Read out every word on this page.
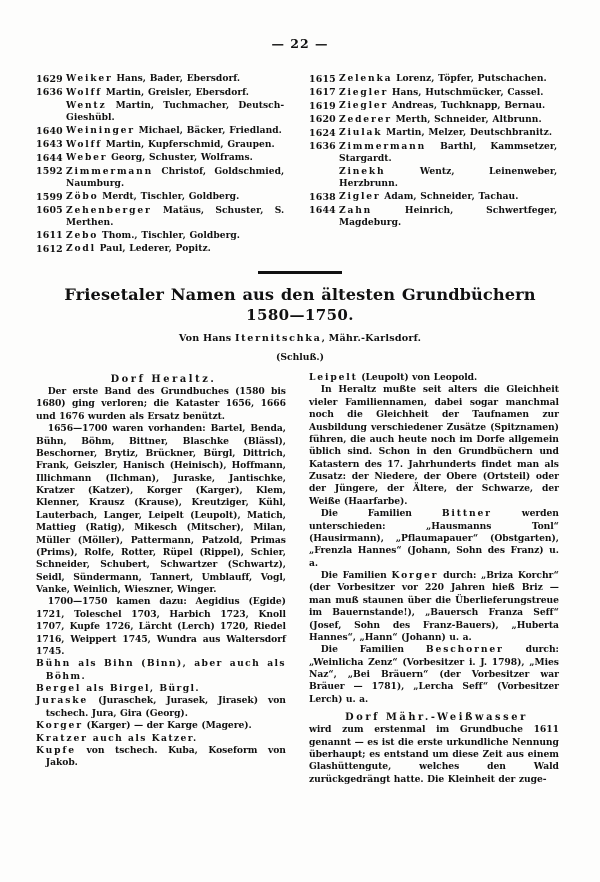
— 22 —
1629 Weiker Hans, Bader, Ebersdorf.
1636 Wolff Martin, Greisler, Ebersdorf.
Wentz Martin, Tuchmacher, Deutsch-Gieshübl.
1640 Weininger Michael, Bäcker, Friedland.
1643 Wolff Martin, Kupferschmid, Graupen.
1644 Weber Georg, Schuster, Wolframs.
1592 Zimmermann Christof, Goldschmied, Naumburg.
1599 Zöbo Merdt, Tischler, Goldberg.
1605 Zehenberger Matäus, Schuster, S. Merthen.
1611 Zebo Thom., Tischler, Goldberg.
1612 Zodl Paul, Lederer, Popitz.
1615 Zelenka Lorenz, Töpfer, Putschachen.
1617 Ziegler Hans, Hutschmücker, Cassel.
1619 Ziegler Andreas, Tuchknapp, Bernau.
1620 Zederer Merth, Schneider, Altbrunn.
1624 Ziulak Martin, Melzer, Deutschbranitz.
1636 Zimmermann Barthl, Kammsetzer, Stargardt.
Zinekh	Wentz, Leinenweber, Herzbrunn.
1638 Zigler Adam, Schneider, Tachau.
1644 Zahn	Heinrich, Schwertfeger, Magdeburg.
Friesetaler Namen aus den ältesten Grundbüchern
1580—1750.
Von Hans Iternitschka, Mähr.-Karlsdorf.
(Schluß.)
Dorf Heraltz.

Der erste Band des Grundbuches (1580 bis 1680) ging verloren; die Kataster 1656, 1666 und 1676 wurden als Ersatz benützt.

1656—1700 waren vorhanden: Bartel, Benda, Bühn, Böhm, Bittner, Blaschke (Blässl), Beschorner, Brytiz, Brückner, Bürgl, Dittrich, Frank, Geiszler, Hanisch (Heinisch), Hoffmann, Illichmann (Ilchman), Juraske, Jantischke, Kratzer (Katzer), Korger (Karger), Klem, Klenner, Krausz (Krause), Kreutziger, Kühl, Lauterbach, Langer, Leipelt (Leupolt), Matich, Mattieg (Ratig), Mikesch (Mitscher), Milan, Müller (Möller), Pattermann, Patzold, Primas (Prims), Rolfe, Rotter, Rüpel (Rippel), Schier, Schneider, Schubert, Schwartzer (Schwartz), Seidl, Sündermann, Tannert, Umblauff, Vogl, Vanke, Weinlich, Wieszner, Winger.

1700—1750 kamen dazu: Aegidius (Egide) 1721, Toleschel 1703, Harbich 1723, Knoll 1707, Kupfe 1726, Lärcht (Lerch) 1720, Riedel 1716, Weippert 1745, Wundra aus Waltersdorf 1745.

Bühn als Bihn (Binn), aber auch als Böhm.

Bergel als Birgel, Bürgl.

Juraske (Juraschek, Jurasek, Jirasek) von tschech. Jura, Gira (Georg).

Korger (Karger) — der Karge (Magere).

Kratzer auch als Katzer.

Kupfe von tschech. Kuba, Koseform von Jakob.

Leipelt (Leupolt) von Leopold.

In Heraltz mußte seit alters die Gleichheit vieler Familiennamen, dabei sogar manchmal noch die Gleichheit der Taufnamen zur Ausbildung verschiedener Zusätze (Spitznamen) führen, die auch heute noch im Dorfe allgemein üblich sind. Schon in den Grundbüchern und Katastern des 17. Jahrhunderts findet man als Zusatz: der Niedere, der Obere (Ortsteil) oder der Jüngere, der Ältere, der Schwarze, der Weiße (Haarfarbe).

Die Familien Bittner werden unterschieden: „Hausmanns Tonl“ (Hausirmann), „Pflaumapauer“ (Obstgarten), „Frenzla Hannes“ (Johann, Sohn des Franz) u. a.

Die Familien Korger durch: „Briza Korchr“ (der Vorbesitzer vor 220 Jahren hieß Briz — man muß staunen über die Überlieferungstreue im Bauernstande!), „Bauersch Franza Seff“ (Josef, Sohn des Franz-Bauers), „Huberta Hannes“, „Hann“ (Johann) u. a.

Die Familien Beschorner durch: „Weinlicha Zenz“ (Vorbesitzer i. J. 1798), „Mies Naz“, „Bei Bräuern“ (der Vorbesitzer war Bräuer — 1781), „Lercha Seff“ (Vorbesitzer Lerch) u. a.

Dorf Mähr.-Weißwasser

wird zum erstenmal im Grundbuche 1611 genannt — es ist die erste urkundliche Nennung überhaupt; es entstand um diese Zeit aus einem Glashüttengute, welches den Wald zurückgedrängt hatte. Die Kleinheit der zuge-
